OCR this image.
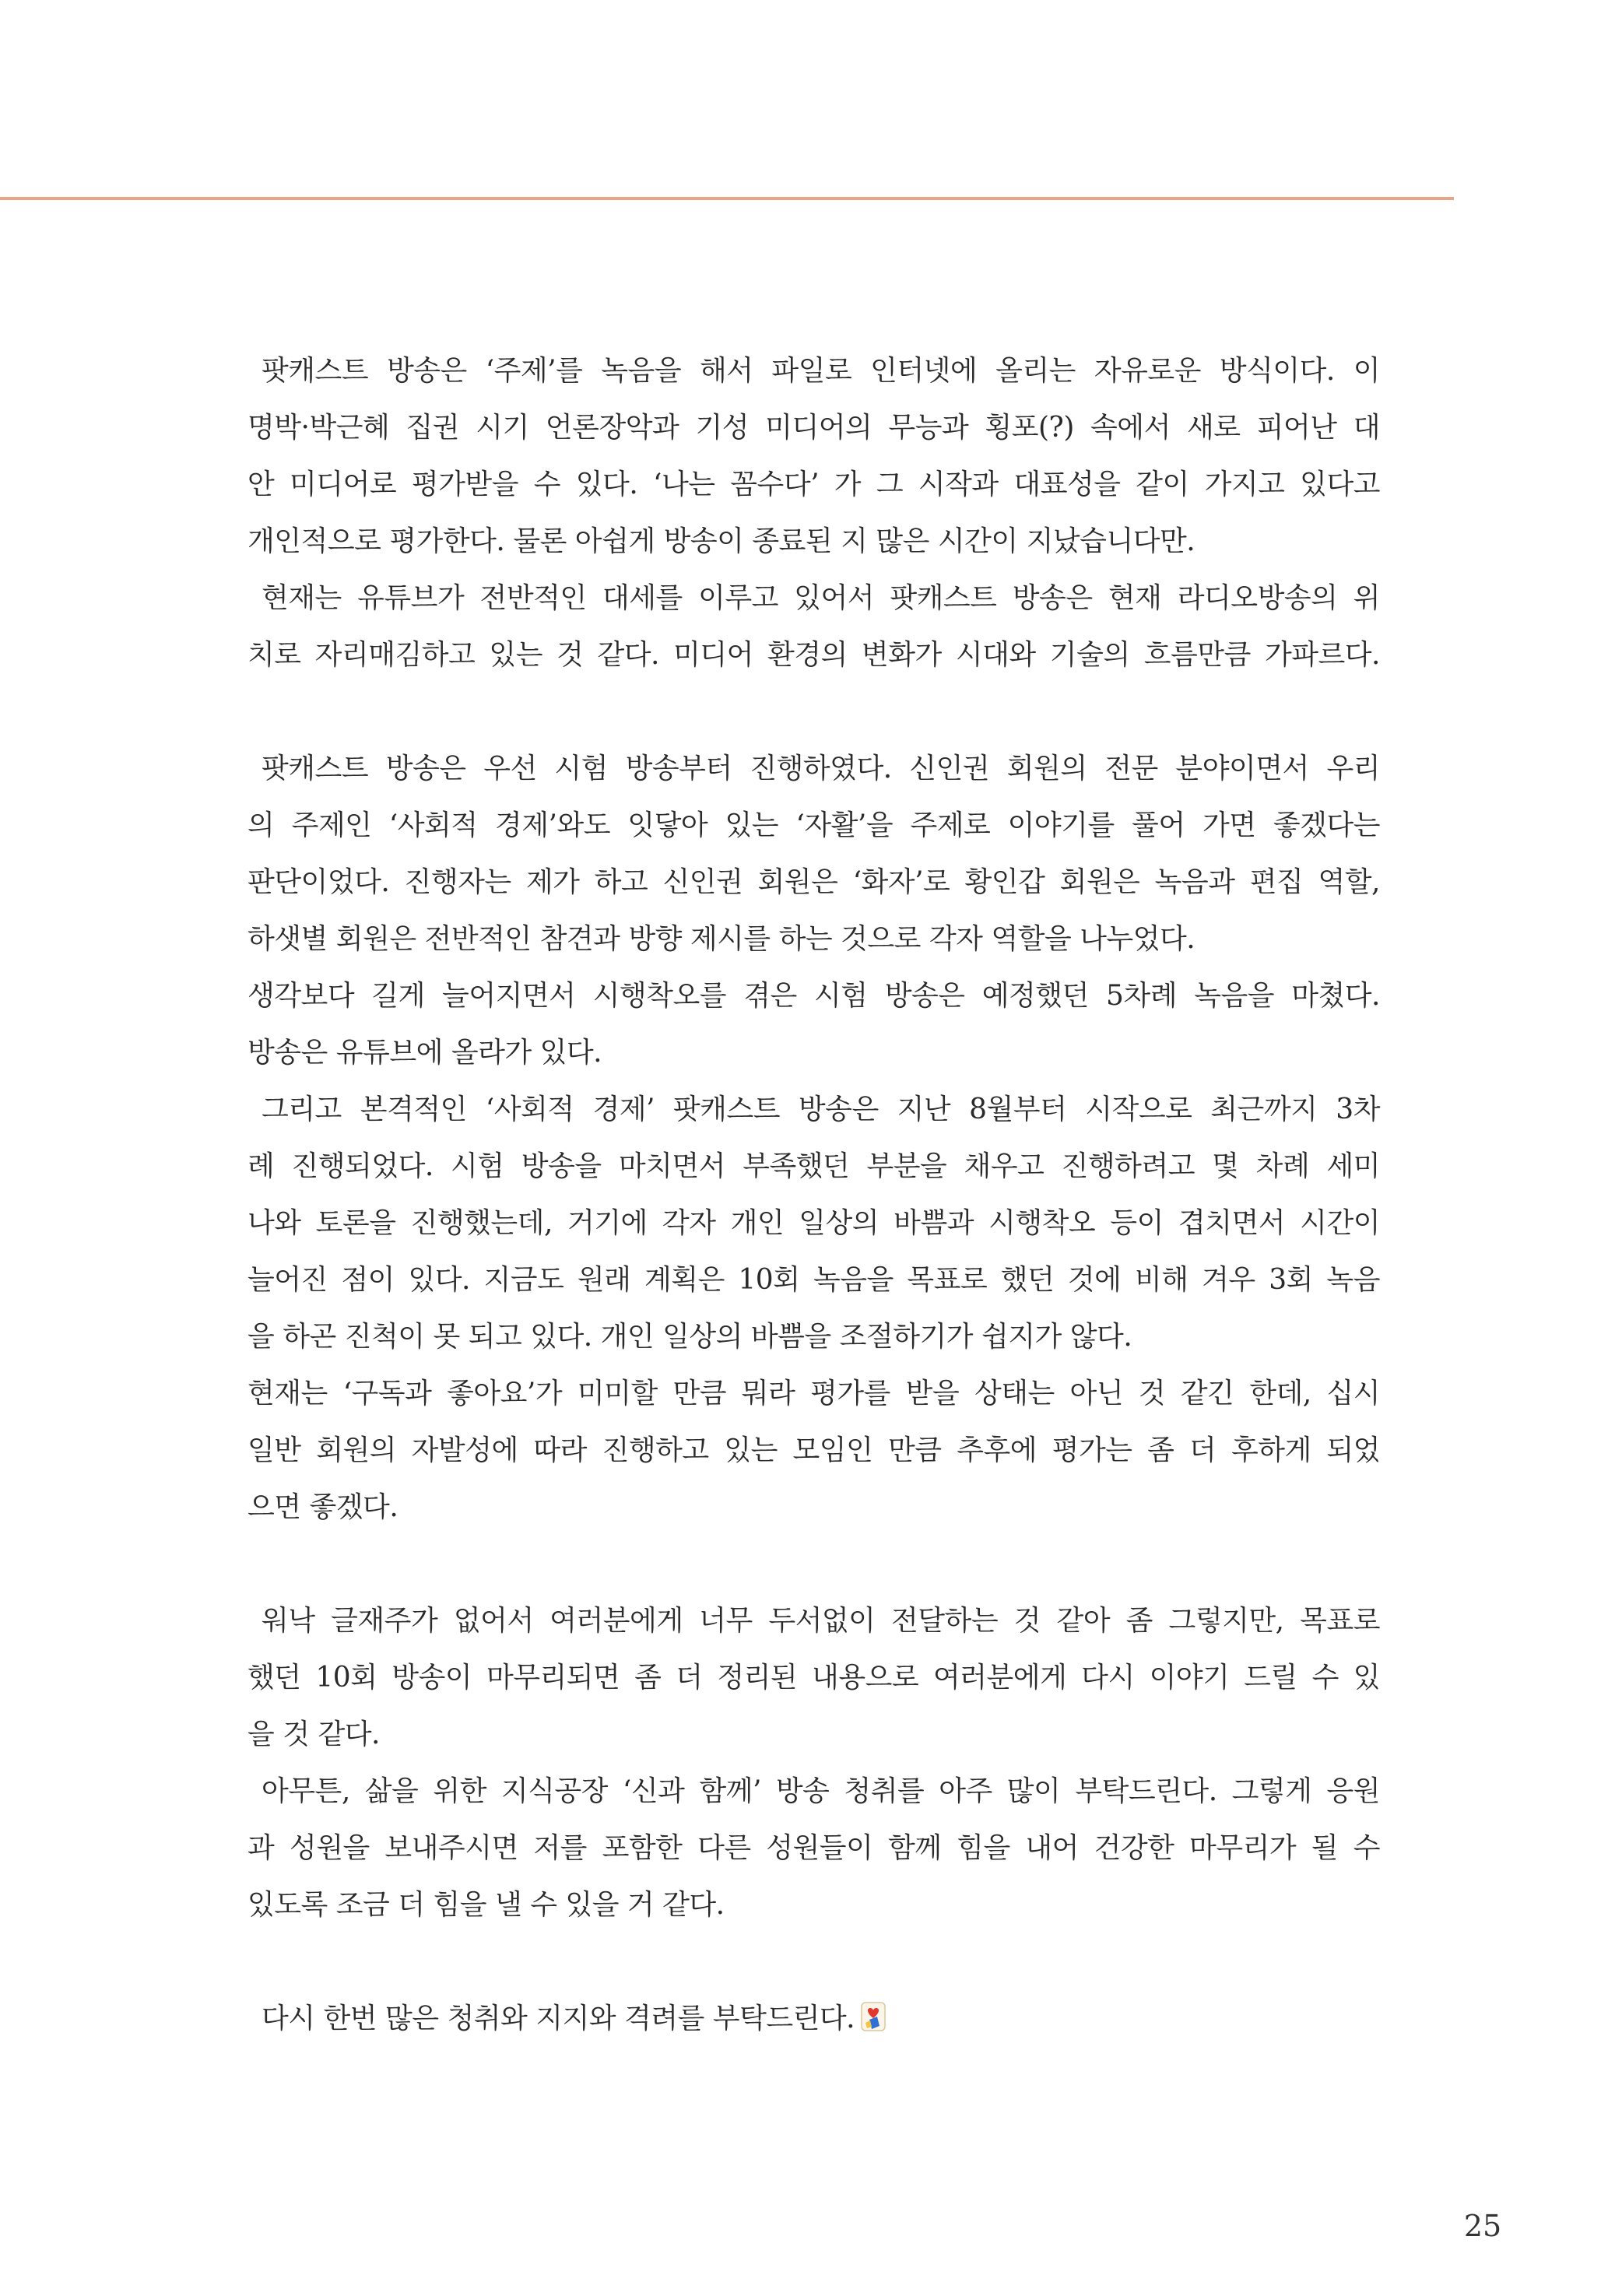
팟캐스트 방송은 ‘주제’를 녹음을 해서 파일로 인터넷에 올리는 자유로운 방식이다. 이
명박·박근혜 집권 시기 언론장악과 기성 미디어의 무능과 횡포(?) 속에서 새로 피어난 대
안 미디어로 평가받을 수 있다. ‘나는 꼼수다’ 가 그 시작과 대표성을 같이 가지고 있다고
개인적으로 평가한다. 물론 아쉽게 방송이 종료된 지 많은 시간이 지났습니다만.
현재는 유튜브가 전반적인 대세를 이루고 있어서 팟캐스트 방송은 현재 라디오방송의 위
치로 자리매김하고 있는 것 같다. 미디어 환경의 변화가 시대와 기술의 흐름만큼 가파르다.
팟캐스트 방송은 우선 시험 방송부터 진행하였다. 신인권 회원의 전문 분야이면서 우리
의 주제인 ‘사회적 경제’와도 잇닿아 있는 ‘자활’을 주제로 이야기를 풀어 가면 좋겠다는
판단이었다. 진행자는 제가 하고 신인권 회원은 ‘화자’로 황인갑 회원은 녹음과 편집 역할,
하샛별 회원은 전반적인 참견과 방향 제시를 하는 것으로 각자 역할을 나누었다.
생각보다 길게 늘어지면서 시행착오를 겪은 시험 방송은 예정했던 5차례 녹음을 마쳤다.
방송은 유튜브에 올라가 있다.
그리고 본격적인 ‘사회적 경제’ 팟캐스트 방송은 지난 8월부터 시작으로 최근까지 3차
례 진행되었다. 시험 방송을 마치면서 부족했던 부분을 채우고 진행하려고 몇 차례 세미
나와 토론을 진행했는데, 거기에 각자 개인 일상의 바쁨과 시행착오 등이 겹치면서 시간이
늘어진 점이 있다. 지금도 원래 계획은 10회 녹음을 목표로 했던 것에 비해 겨우 3회 녹음
을 하곤 진척이 못 되고 있다. 개인 일상의 바쁨을 조절하기가 쉽지가 않다.
현재는 ‘구독과 좋아요’가 미미할 만큼 뭐라 평가를 받을 상태는 아닌 것 같긴 한데, 십시
일반 회원의 자발성에 따라 진행하고 있는 모임인 만큼 추후에 평가는 좀 더 후하게 되었
으면 좋겠다.
워낙 글재주가 없어서 여러분에게 너무 두서없이 전달하는 것 같아 좀 그렇지만, 목표로
했던 10회 방송이 마무리되면 좀 더 정리된 내용으로 여러분에게 다시 이야기 드릴 수 있
을 것 같다.
아무튼, 삶을 위한 지식공장 ‘신과 함께’ 방송 청취를 아주 많이 부탁드린다. 그렇게 응원
과 성원을 보내주시면 저를 포함한 다른 성원들이 함께 힘을 내어 건강한 마무리가 될 수
있도록 조금 더 힘을 낼 수 있을 거 같다.
다시 한번 많은 청취와 지지와 격려를 부탁드린다.
25
